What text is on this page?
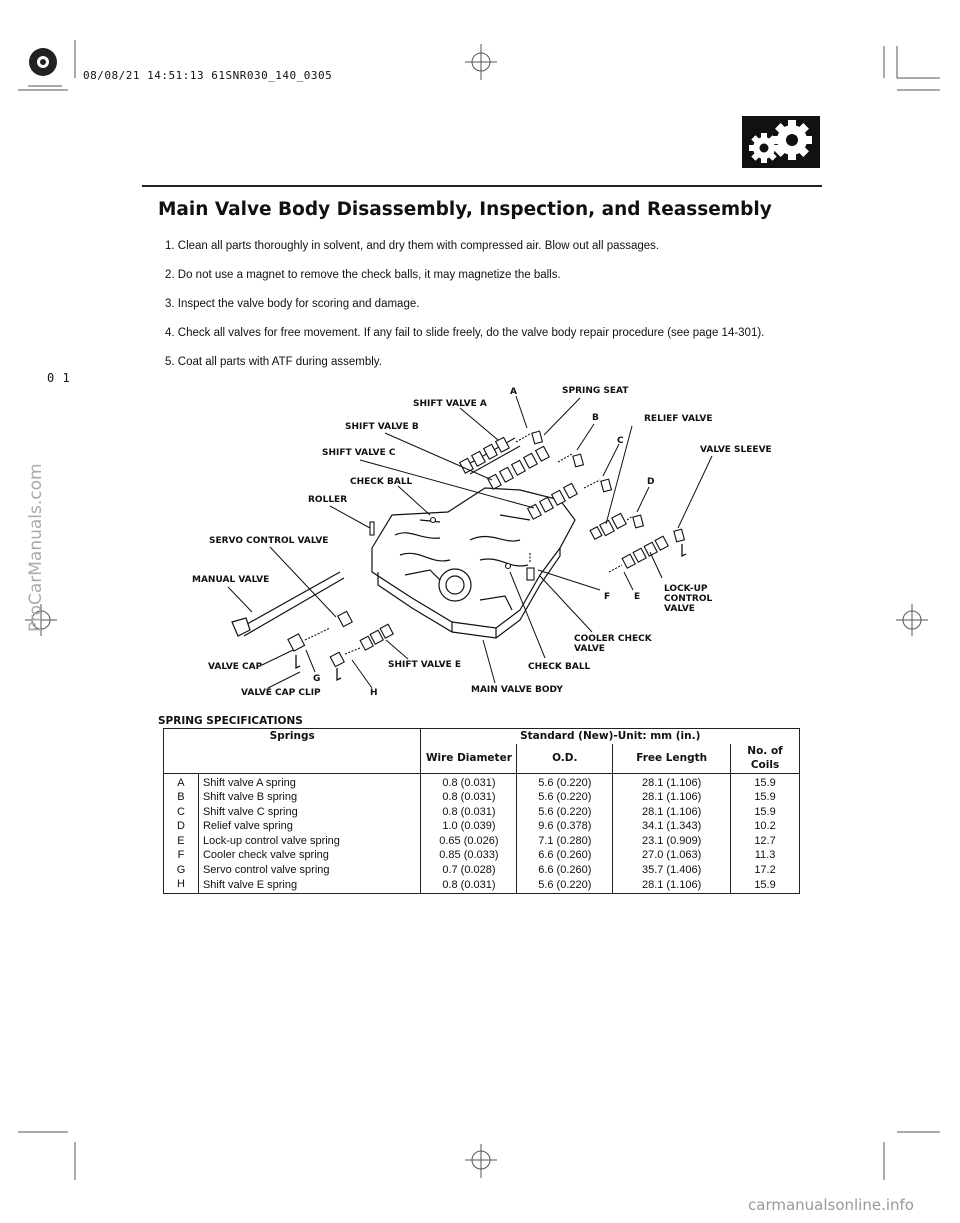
08/08/21 14:51:13 61SNR030_140_0305
0 1
Main Valve Body Disassembly, Inspection, and Reassembly
1. Clean all parts thoroughly in solvent, and dry them with compressed air. Blow out all passages.
2. Do not use a magnet to remove the check balls, it may magnetize the balls.
3. Inspect the valve body for scoring and damage.
4. Check all valves for free movement. If any fail to slide freely, do the valve body repair procedure (see page 14-301).
5. Coat all parts with ATF during assembly.
A	SPRING SEAT
SHIFT VALVE A
B	RELIEF VALVE
SHIFT VALVE B
C
VALVE SLEEVE
SHIFT VALVE C
CHECK BALL	D
ROLLER
SERVO CONTROL VALVE
MANUAL VALVE
F	E
LOCK-UP
CONTROL
VALVE
COOLER CHECK
VALVE
VALVE CAP
G
SHIFT VALVE E	CHECK BALL
VALVE CAP CLIP	H	MAIN VALVE BODY
SPRING SPECIFICATIONS
Springs		Standard (New)-Unit: mm (in.)			
		Wire Diameter	O.D.	Free Length	No. of Coils
A	Shift valve A spring	0.8 (0.031)	5.6 (0.220)	28.1 (1.106)	15.9
B	Shift valve B spring	0.8 (0.031)	5.6 (0.220)	28.1 (1.106)	15.9
C	Shift valve C spring	0.8 (0.031)	5.6 (0.220)	28.1 (1.106)	15.9
D	Relief valve spring	1.0 (0.039)	9.6 (0.378)	34.1 (1.343)	10.2
E	Lock-up control valve spring	0.65 (0.026)	7.1 (0.280)	23.1 (0.909)	12.7
F	Cooler check valve spring	0.85 (0.033)	6.6 (0.260)	27.0 (1.063)	11.3
G	Servo control valve spring	0.7 (0.028)	6.6 (0.260)	35.7 (1.406)	17.2
H	Shift valve E spring	0.8 (0.031)	5.6 (0.220)	28.1 (1.106)	15.9
ProCarManuals.com
carmanualsonline.info
